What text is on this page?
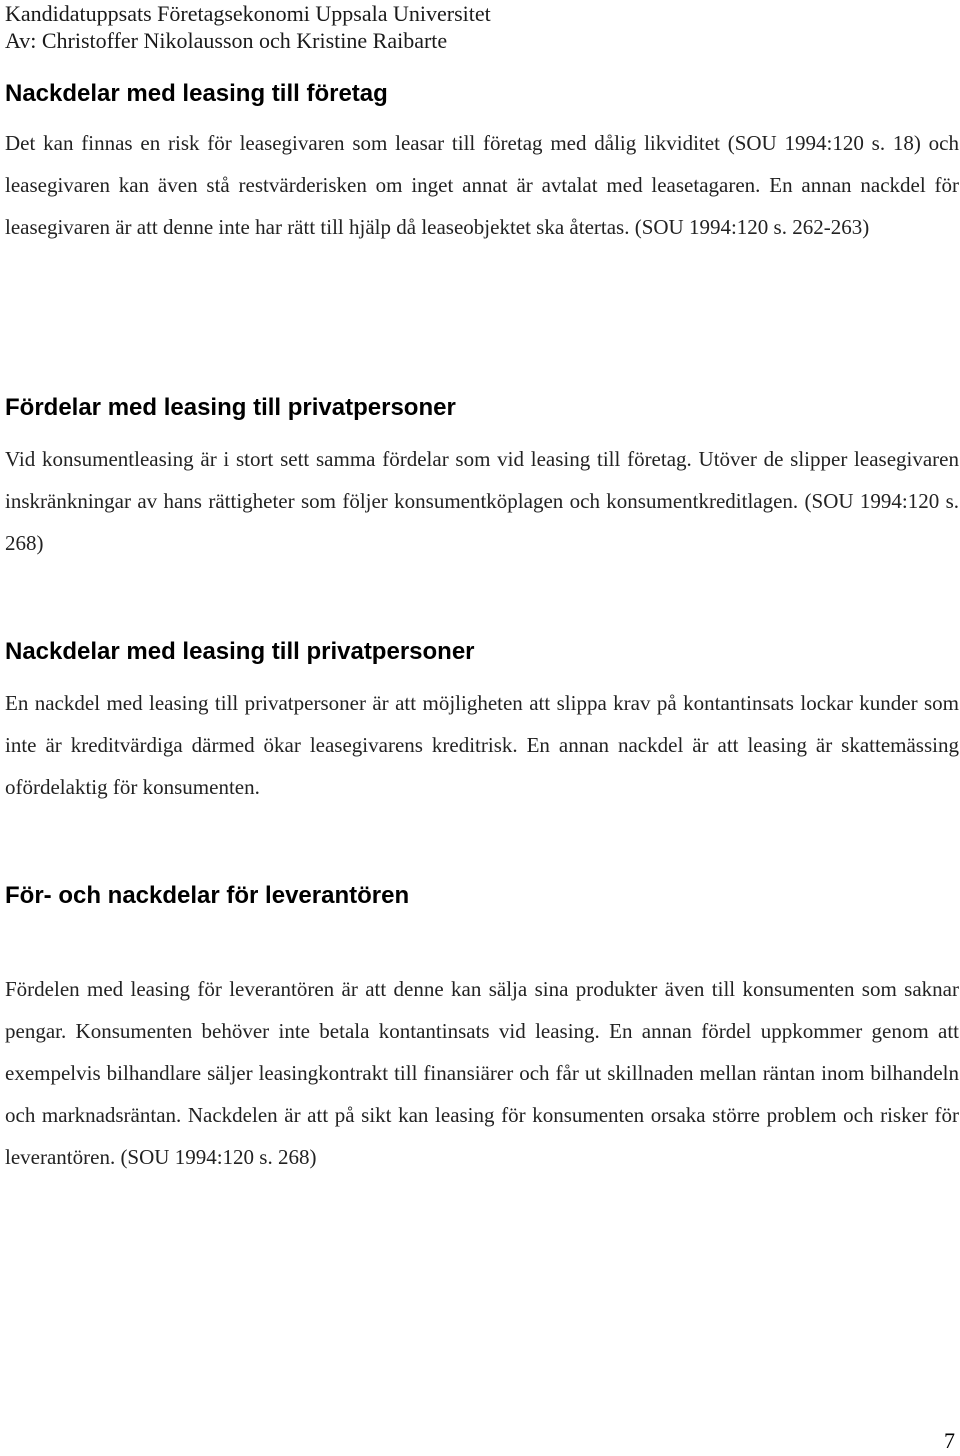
Kandidatuppsats Företagsekonomi Uppsala Universitet
Av: Christoffer Nikolausson och Kristine Raibarte
Nackdelar med leasing till företag

Det kan finnas en risk för leasegivaren som leasar till företag med dålig likviditet (SOU 1994:120 s. 18) och leasegivaren kan även stå restvärderisken om inget annat är avtalat med leasetagaren. En annan nackdel för leasegivaren är att denne inte har rätt till hjälp då leaseobjektet ska återtas. (SOU 1994:120 s. 262-263)

Fördelar med leasing till privatpersoner

Vid konsumentleasing är i stort sett samma fördelar som vid leasing till företag. Utöver de slipper leasegivaren inskränkningar av hans rättigheter som följer konsumentköplagen och konsumentkreditlagen. (SOU 1994:120 s. 268)

Nackdelar med leasing till privatpersoner

En nackdel med leasing till privatpersoner är att möjligheten att slippa krav på kontantinsats lockar kunder som inte är kreditvärdiga därmed ökar leasegivarens kreditrisk. En annan nackdel är att leasing är skattemässing ofördelaktig för konsumenten.

För- och nackdelar för leverantören

Fördelen med leasing för leverantören är att denne kan sälja sina produkter även till konsumenten som saknar pengar. Konsumenten behöver inte betala kontantinsats vid leasing. En annan fördel uppkommer genom att exempelvis bilhandlare säljer leasingkontrakt till finansiärer och får ut skillnaden mellan räntan inom bilhandeln och marknadsräntan. Nackdelen är att på sikt kan leasing för konsumenten orsaka större problem och risker för leverantören. (SOU 1994:120 s. 268)

7
